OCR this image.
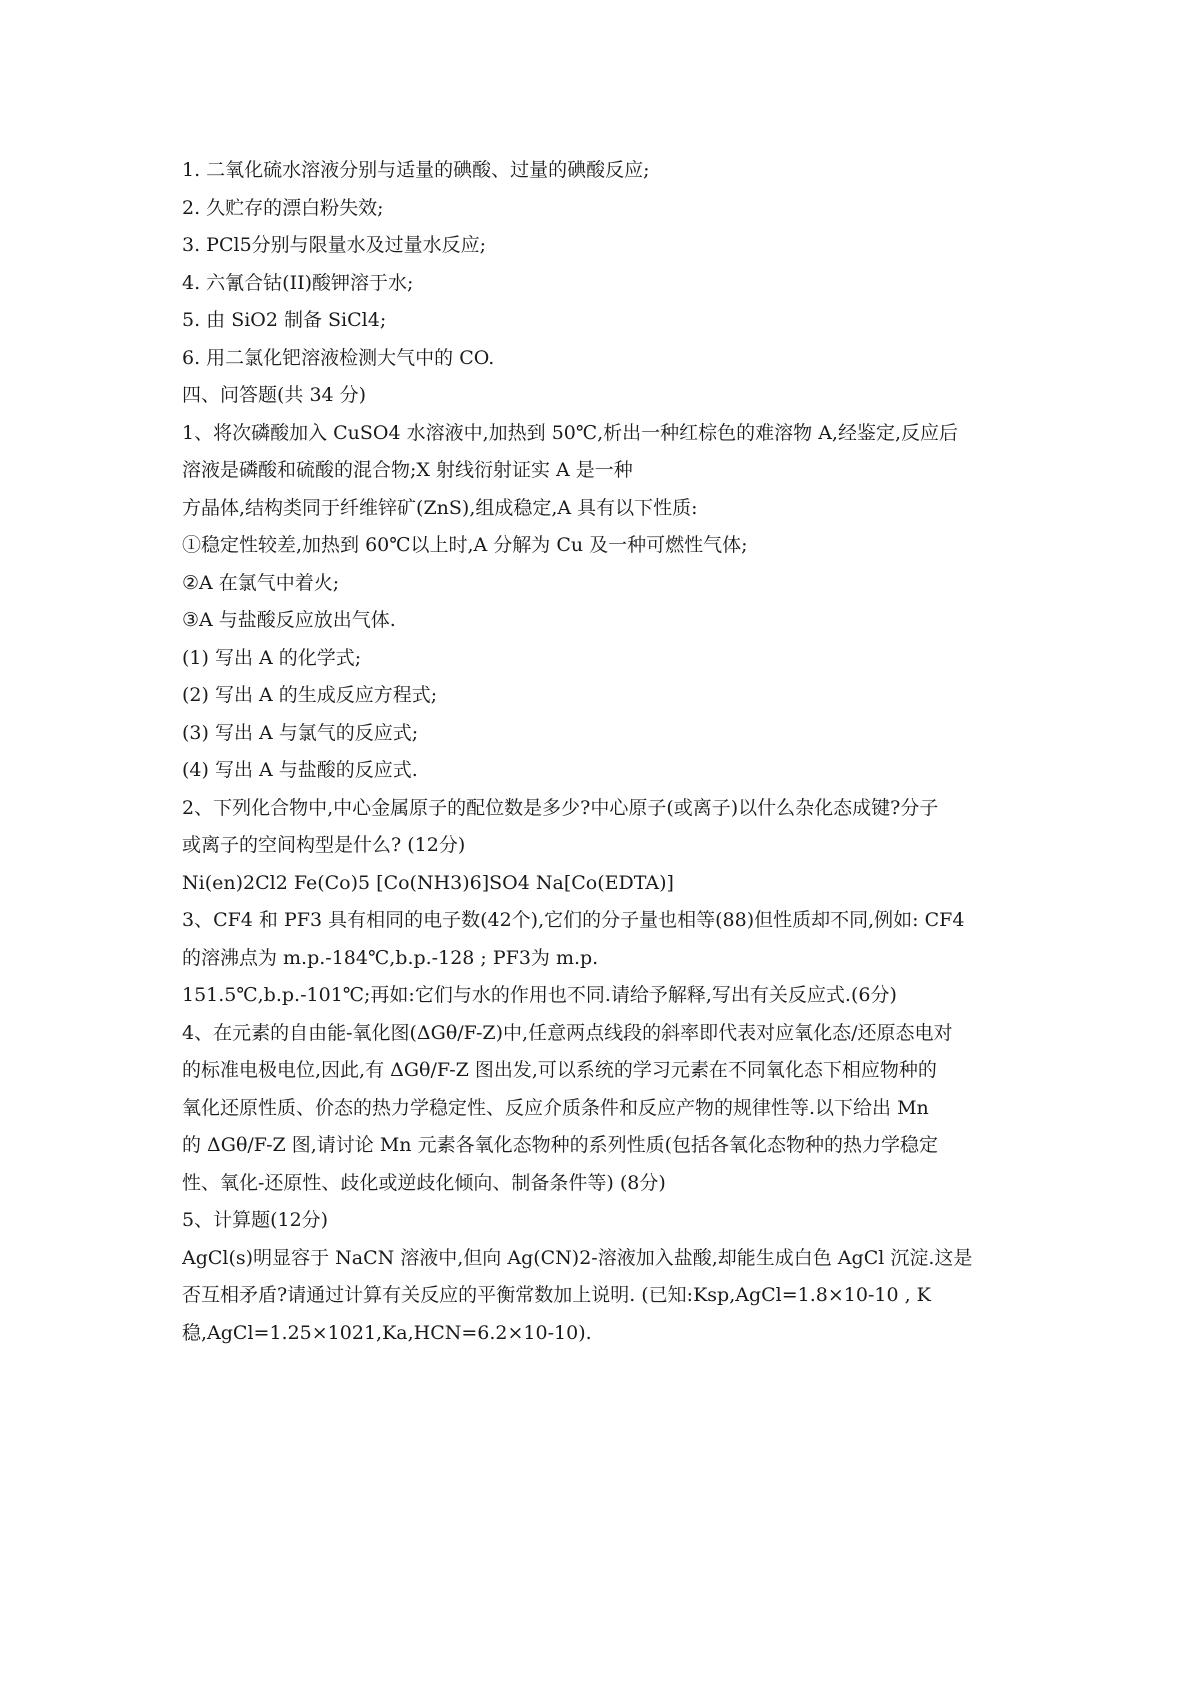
1. 二氧化硫水溶液分别与适量的碘酸、过量的碘酸反应;
2. 久贮存的漂白粉失效;
3. PCl5分别与限量水及过量水反应;
4. 六氰合钴(II)酸钾溶于水;
5. 由 SiO2 制备 SiCl4;
6. 用二氯化钯溶液检测大气中的 CO.
四、问答题(共 34 分)
1、将次磷酸加入 CuSO4 水溶液中,加热到 50℃,析出一种红棕色的难溶物 A,经鉴定,反应后
溶液是磷酸和硫酸的混合物;X 射线衍射证实 A 是一种
方晶体,结构类同于纤维锌矿(ZnS),组成稳定,A 具有以下性质:
①稳定性较差,加热到 60℃以上时,A 分解为 Cu 及一种可燃性气体;
②A 在氯气中着火;
③A 与盐酸反应放出气体.
(1) 写出 A 的化学式;
(2) 写出 A 的生成反应方程式;
(3) 写出 A 与氯气的反应式;
(4) 写出 A 与盐酸的反应式.
2、下列化合物中,中心金属原子的配位数是多少?中心原子(或离子)以什么杂化态成键?分子
或离子的空间构型是什么? (12分)
Ni(en)2Cl2 Fe(Co)5 [Co(NH3)6]SO4 Na[Co(EDTA)]
3、CF4 和 PF3 具有相同的电子数(42个),它们的分子量也相等(88)但性质却不同,例如: CF4
的溶沸点为 m.p.-184℃,b.p.-128 ; PF3为 m.p.
151.5℃,b.p.-101℃;再如:它们与水的作用也不同.请给予解释,写出有关反应式.(6分)
4、在元素的自由能-氧化图(ΔGθ/F-Z)中,任意两点线段的斜率即代表对应氧化态/还原态电对
的标准电极电位,因此,有 ΔGθ/F-Z 图出发,可以系统的学习元素在不同氧化态下相应物种的
氧化还原性质、价态的热力学稳定性、反应介质条件和反应产物的规律性等.以下给出 Mn
的 ΔGθ/F-Z 图,请讨论 Mn 元素各氧化态物种的系列性质(包括各氧化态物种的热力学稳定
性、氧化-还原性、歧化或逆歧化倾向、制备条件等) (8分)
5、计算题(12分)
AgCl(s)明显容于 NaCN 溶液中,但向 Ag(CN)2-溶液加入盐酸,却能生成白色 AgCl 沉淀.这是
否互相矛盾?请通过计算有关反应的平衡常数加上说明. (已知:Ksp,AgCl=1.8×10-10 , K
稳,AgCl=1.25×1021,Ka,HCN=6.2×10-10).
